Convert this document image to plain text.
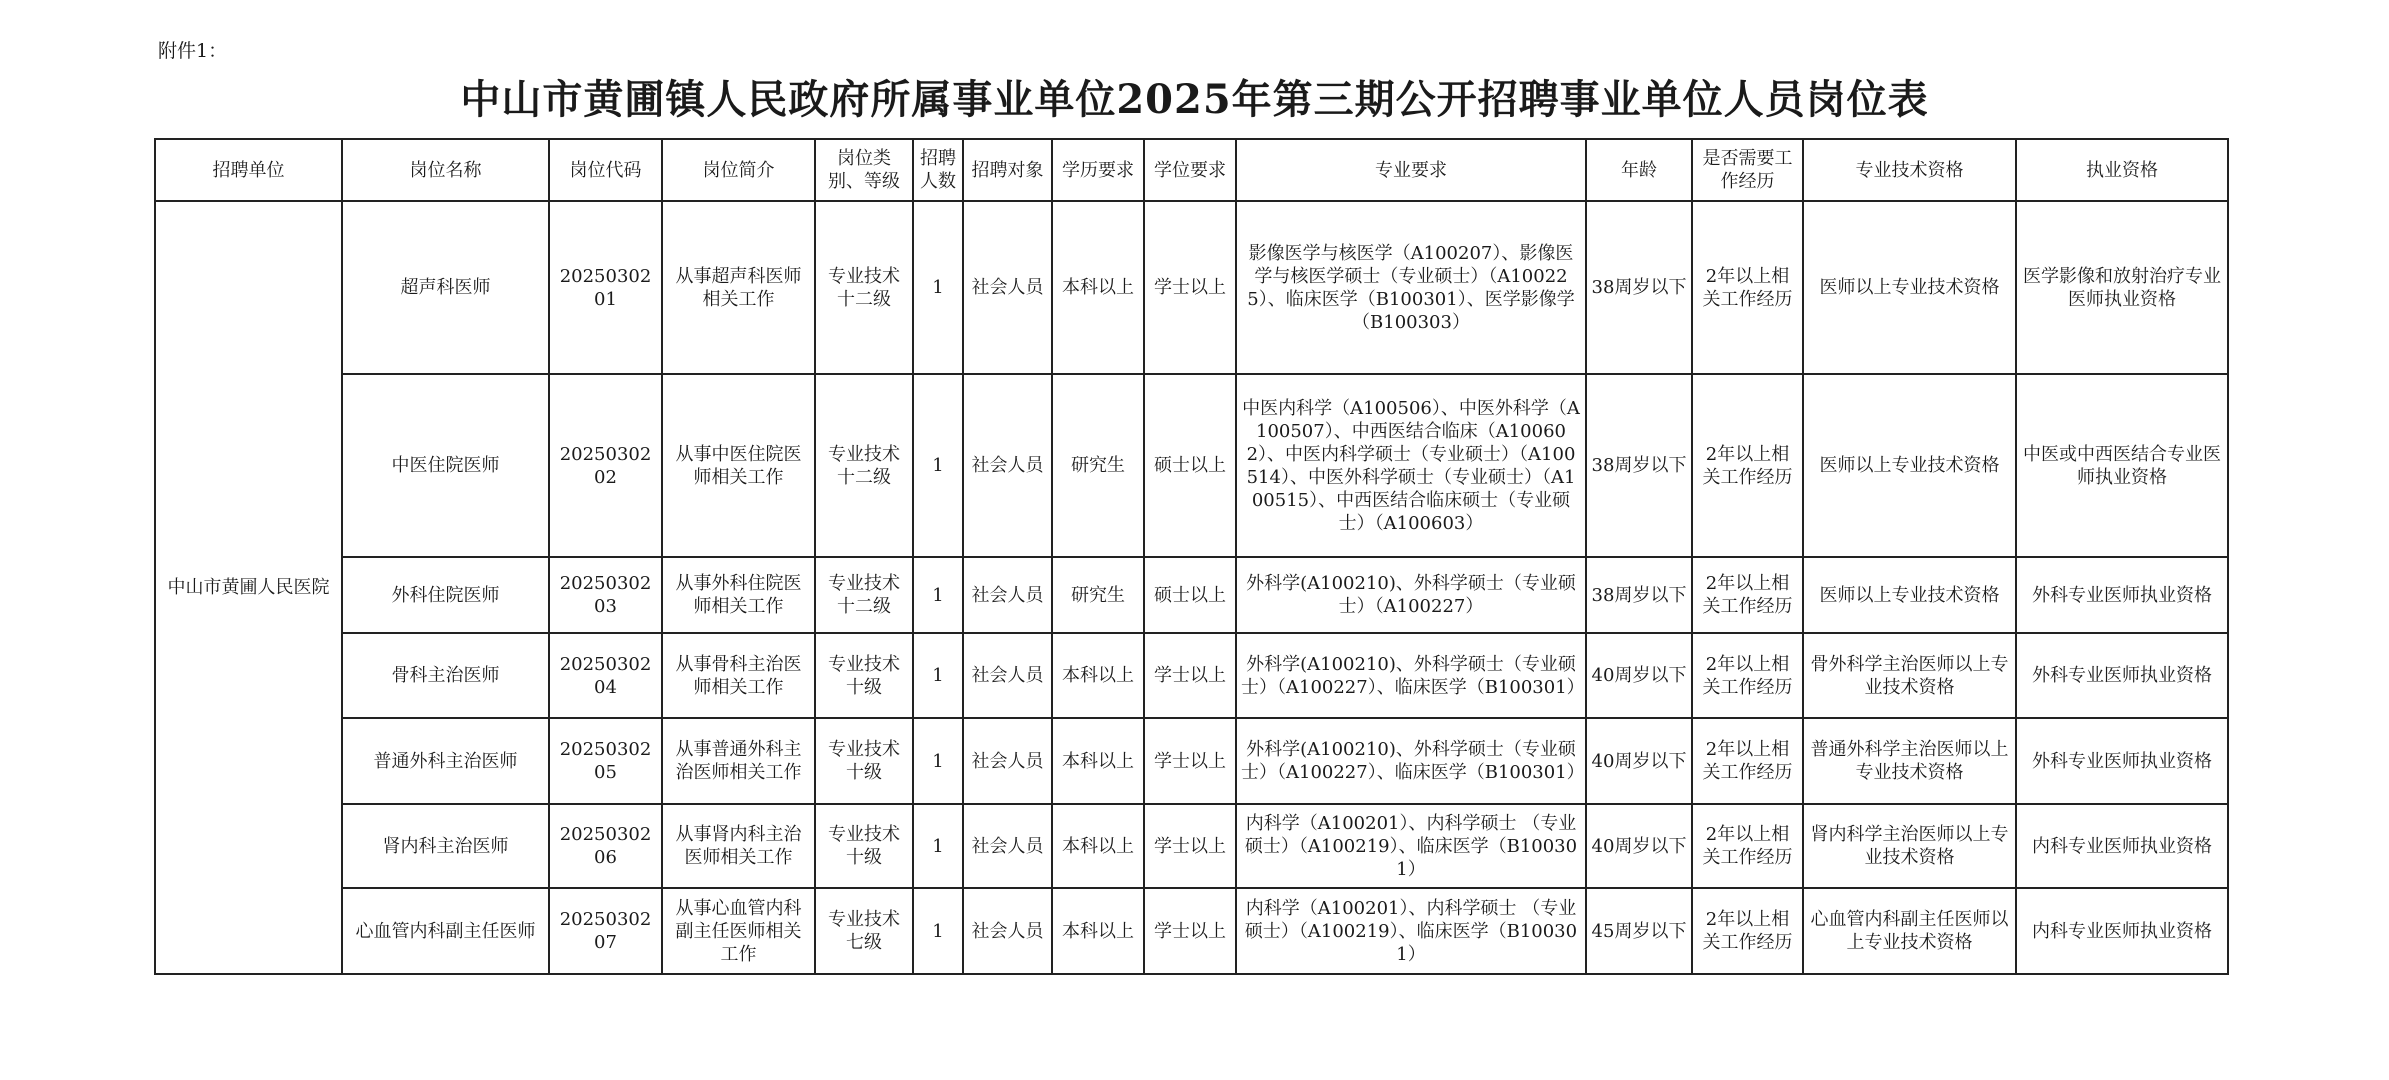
附件1：
中山市黄圃镇人民政府所属事业单位2025年第三期公开招聘事业单位人员岗位表
招聘单位	岗位名称	岗位代码	岗位简介	岗位类别、等级	招聘人数	招聘对象	学历要求	学位要求	专业要求	年龄	是否需要工作经历	专业技术资格	执业资格
中山市黄圃人民医院	超声科医师	2025030201	从事超声科医师相关工作	专业技术十二级	1	社会人员	本科以上	学士以上	影像医学与核医学（A100207）、影像医学与核医学硕士（专业硕士）（A100225）、临床医学（B100301）、医学影像学（B100303）	38周岁以下	2年以上相关工作经历	医师以上专业技术资格	医学影像和放射治疗专业医师执业资格
	中医住院医师	2025030202	从事中医住院医师相关工作	专业技术十二级	1	社会人员	研究生	硕士以上	中医内科学（A100506）、中医外科学（A100507）、中西医结合临床（A100602）、中医内科学硕士（专业硕士）（A100514）、中医外科学硕士（专业硕士）（A100515）、中西医结合临床硕士（专业硕士）（A100603）	38周岁以下	2年以上相关工作经历	医师以上专业技术资格	中医或中西医结合专业医师执业资格
	外科住院医师	2025030203	从事外科住院医师相关工作	专业技术十二级	1	社会人员	研究生	硕士以上	外科学(A100210)、外科学硕士（专业硕士）（A100227）	38周岁以下	2年以上相关工作经历	医师以上专业技术资格	外科专业医师执业资格
	骨科主治医师	2025030204	从事骨科主治医师相关工作	专业技术十级	1	社会人员	本科以上	学士以上	外科学(A100210)、外科学硕士（专业硕士）（A100227）、临床医学（B100301）	40周岁以下	2年以上相关工作经历	骨外科学主治医师以上专业技术资格	外科专业医师执业资格
	普通外科主治医师	2025030205	从事普通外科主治医师相关工作	专业技术十级	1	社会人员	本科以上	学士以上	外科学(A100210)、外科学硕士（专业硕士）（A100227）、临床医学（B100301）	40周岁以下	2年以上相关工作经历	普通外科学主治医师以上专业技术资格	外科专业医师执业资格
	肾内科主治医师	2025030206	从事肾内科主治医师相关工作	专业技术十级	1	社会人员	本科以上	学士以上	内科学（A100201）、内科学硕士 （专业硕士）（A100219）、临床医学（B100301）	40周岁以下	2年以上相关工作经历	肾内科学主治医师以上专业技术资格	内科专业医师执业资格
	心血管内科副主任医师	2025030207	从事心血管内科副主任医师相关工作	专业技术七级	1	社会人员	本科以上	学士以上	内科学（A100201）、内科学硕士 （专业硕士）（A100219）、临床医学（B100301）	45周岁以下	2年以上相关工作经历	心血管内科副主任医师以上专业技术资格	内科专业医师执业资格
